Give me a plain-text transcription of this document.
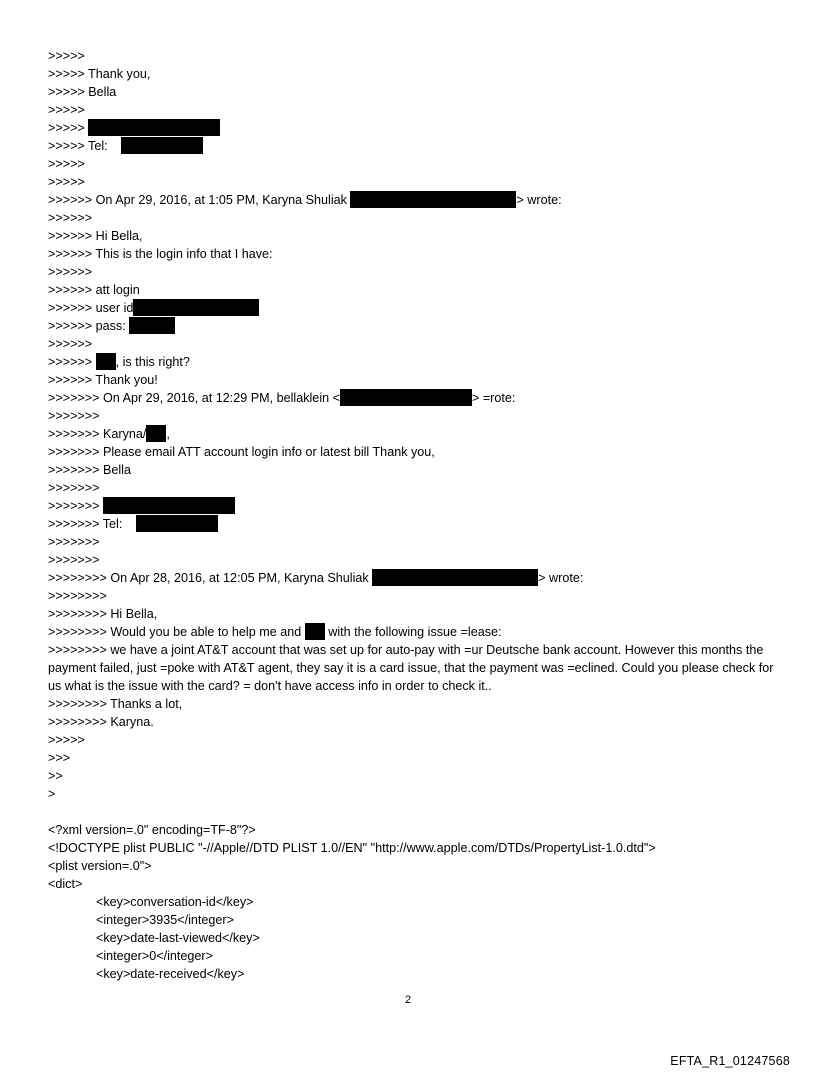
>>>>>
>>>>> Thank you,
>>>>> Bella
>>>>>
>>>>>
>>>>> Tel:
>>>>>
>>>>>
>>>>>> On Apr 29, 2016, at 1:05 PM, Karyna Shuliak	> wrote:
>>>>>>
>>>>>> Hi Bella,
>>>>>> This is the login info that I have:
>>>>>>
>>>>>> att login
>>>>>> user id
>>>>>> pass:
>>>>>>
>>>>>> , is this right?
>>>>>> Thank you!
>>>>>>> On Apr 29, 2016, at 12:29 PM, bellaklein <	> =rote:
>>>>>>>
>>>>>>> Karyna/ ,
>>>>>>> Please email ATT account login info or latest bill Thank you,
>>>>>>> Bella
>>>>>>>
>>>>>>>
>>>>>>> Tel:
>>>>>>>
>>>>>>>
>>>>>>>> On Apr 28, 2016, at 12:05 PM, Karyna Shuliak	> wrote:
>>>>>>>>
>>>>>>>> Hi Bella,
>>>>>>>> Would you be able to help me and  with the following issue =lease:
>>>>>>>> we have a joint AT&T account that was set up for auto-pay with =ur Deutsche bank account. However this months the payment failed, just =poke with AT&T agent, they say it is a card issue, that the payment was =eclined. Could you please check for us what is the issue with the card? = don't have access info in order to check it..
>>>>>>>> Thanks a lot,
>>>>>>>> Karyna.
>>>>>
>>>
>>
>
<?xml version=.0" encoding=TF-8"?>
<!DOCTYPE plist PUBLIC "-//Apple//DTD PLIST 1.0//EN" "http://www.apple.com/DTDs/PropertyList-1.0.dtd">
<plist version=.0">
<dict>
<key>conversation-id</key>
<integer>3935</integer>
<key>date-last-viewed</key>
<integer>0</integer>
<key>date-received</key>
2
EFTA_R1_01247568
